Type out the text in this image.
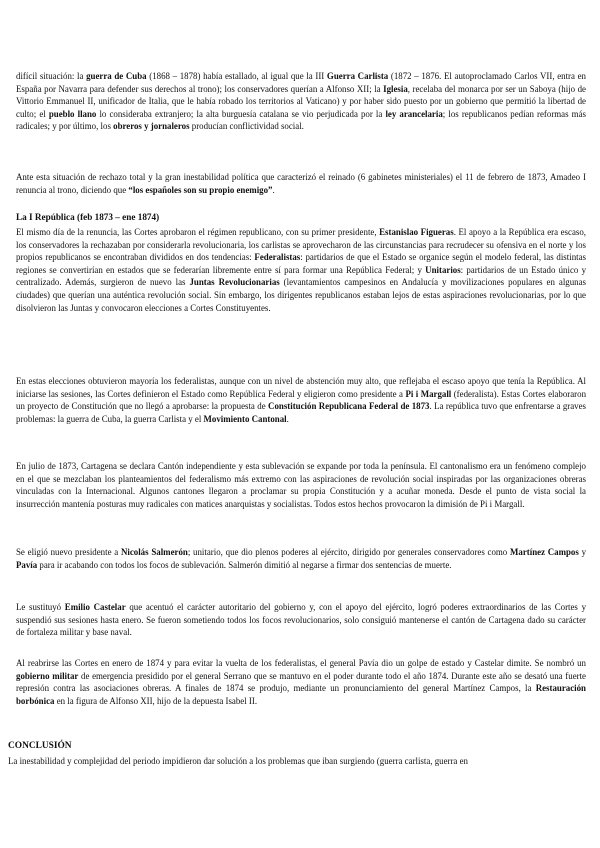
difícil situación: la guerra de Cuba (1868 – 1878) había estallado, al igual que la III Guerra Carlista (1872 – 1876. El autoproclamado Carlos VII, entra en España por Navarra para defender sus derechos al trono); los conservadores querían a Alfonso XII; la Iglesia, recelaba del monarca por ser un Saboya (hijo de Vittorio Emmanuel II, unificador de Italia, que le había robado los territorios al Vaticano) y por haber sido puesto por un gobierno que permitió la libertad de culto; el pueblo llano lo consideraba extranjero; la alta burguesía catalana se vio perjudicada por la ley arancelaria; los republicanos pedían reformas más radicales; y por último, los obreros y jornaleros producían conflictividad social.

Ante esta situación de rechazo total y la gran inestabilidad política que caracterizó el reinado (6 gabinetes ministeriales) el 11 de febrero de 1873, Amadeo I renuncia al trono, diciendo que “los españoles son su propio enemigo”.

La I República (feb 1873 – ene 1874)

El mismo día de la renuncia, las Cortes aprobaron el régimen republicano, con su primer presidente, Estanislao Figueras. El apoyo a la República era escaso, los conservadores la rechazaban por considerarla revolucionaria, los carlistas se aprovecharon de las circunstancias para recrudecer su ofensiva en el norte y los propios republicanos se encontraban divididos en dos tendencias: Federalistas: partidarios de que el Estado se organice según el modelo federal, las distintas regiones se convertirían en estados que se federarían libremente entre sí para formar una República Federal; y Unitarios: partidarios de un Estado único y centralizado. Además, surgieron de nuevo las Juntas Revolucionarias (levantamientos campesinos en Andalucía y movilizaciones populares en algunas ciudades) que querían una auténtica revolución social. Sin embargo, los dirigentes republicanos estaban lejos de estas aspiraciones revolucionarias, por lo que disolvieron las Juntas y convocaron elecciones a Cortes Constituyentes.

En estas elecciones obtuvieron mayoría los federalistas, aunque con un nivel de abstención muy alto, que reflejaba el escaso apoyo que tenía la República. Al iniciarse las sesiones, las Cortes definieron el Estado como República Federal y eligieron como presidente a Pi i Margall (federalista). Estas Cortes elaboraron un proyecto de Constitución que no llegó a aprobarse: la propuesta de Constitución Republicana Federal de 1873. La república tuvo que enfrentarse a graves problemas: la guerra de Cuba, la guerra Carlista y el Movimiento Cantonal.

En julio de 1873, Cartagena se declara Cantón independiente y esta sublevación se expande por toda la península. El cantonalismo era un fenómeno complejo en el que se mezclaban los planteamientos del federalismo más extremo con las aspiraciones de revolución social inspiradas por las organizaciones obreras vinculadas con la Internacional. Algunos cantones llegaron a proclamar su propia Constitución y a acuñar moneda. Desde el punto de vista social la insurrección mantenía posturas muy radicales con matices anarquistas y socialistas. Todos estos hechos provocaron la dimisión de Pi i Margall.

Se eligió nuevo presidente a Nicolás Salmerón; unitario, que dio plenos poderes al ejército, dirigido por generales conservadores como Martínez Campos y Pavía para ir acabando con todos los focos de sublevación. Salmerón dimitió al negarse a firmar dos sentencias de muerte.

Le sustituyó Emilio Castelar que acentuó el carácter autoritario del gobierno y, con el apoyo del ejército, logró poderes extraordinarios de las Cortes y suspendió sus sesiones hasta enero. Se fueron sometiendo todos los focos revolucionarios, solo consiguió mantenerse el cantón de Cartagena dado su carácter de fortaleza militar y base naval.

Al reabrirse las Cortes en enero de 1874 y para evitar la vuelta de los federalistas, el general Pavía dio un golpe de estado y Castelar dimite. Se nombró un gobierno militar de emergencia presidido por el general Serrano que se mantuvo en el poder durante todo el año 1874. Durante este año se desató una fuerte represión contra las asociaciones obreras. A finales de 1874 se produjo, mediante un pronunciamiento del general Martínez Campos, la Restauración borbónica en la figura de Alfonso XII, hijo de la depuesta Isabel II.

CONCLUSIÓN

La inestabilidad y complejidad del periodo impidieron dar solución a los problemas que iban surgiendo (guerra carlista, guerra en
